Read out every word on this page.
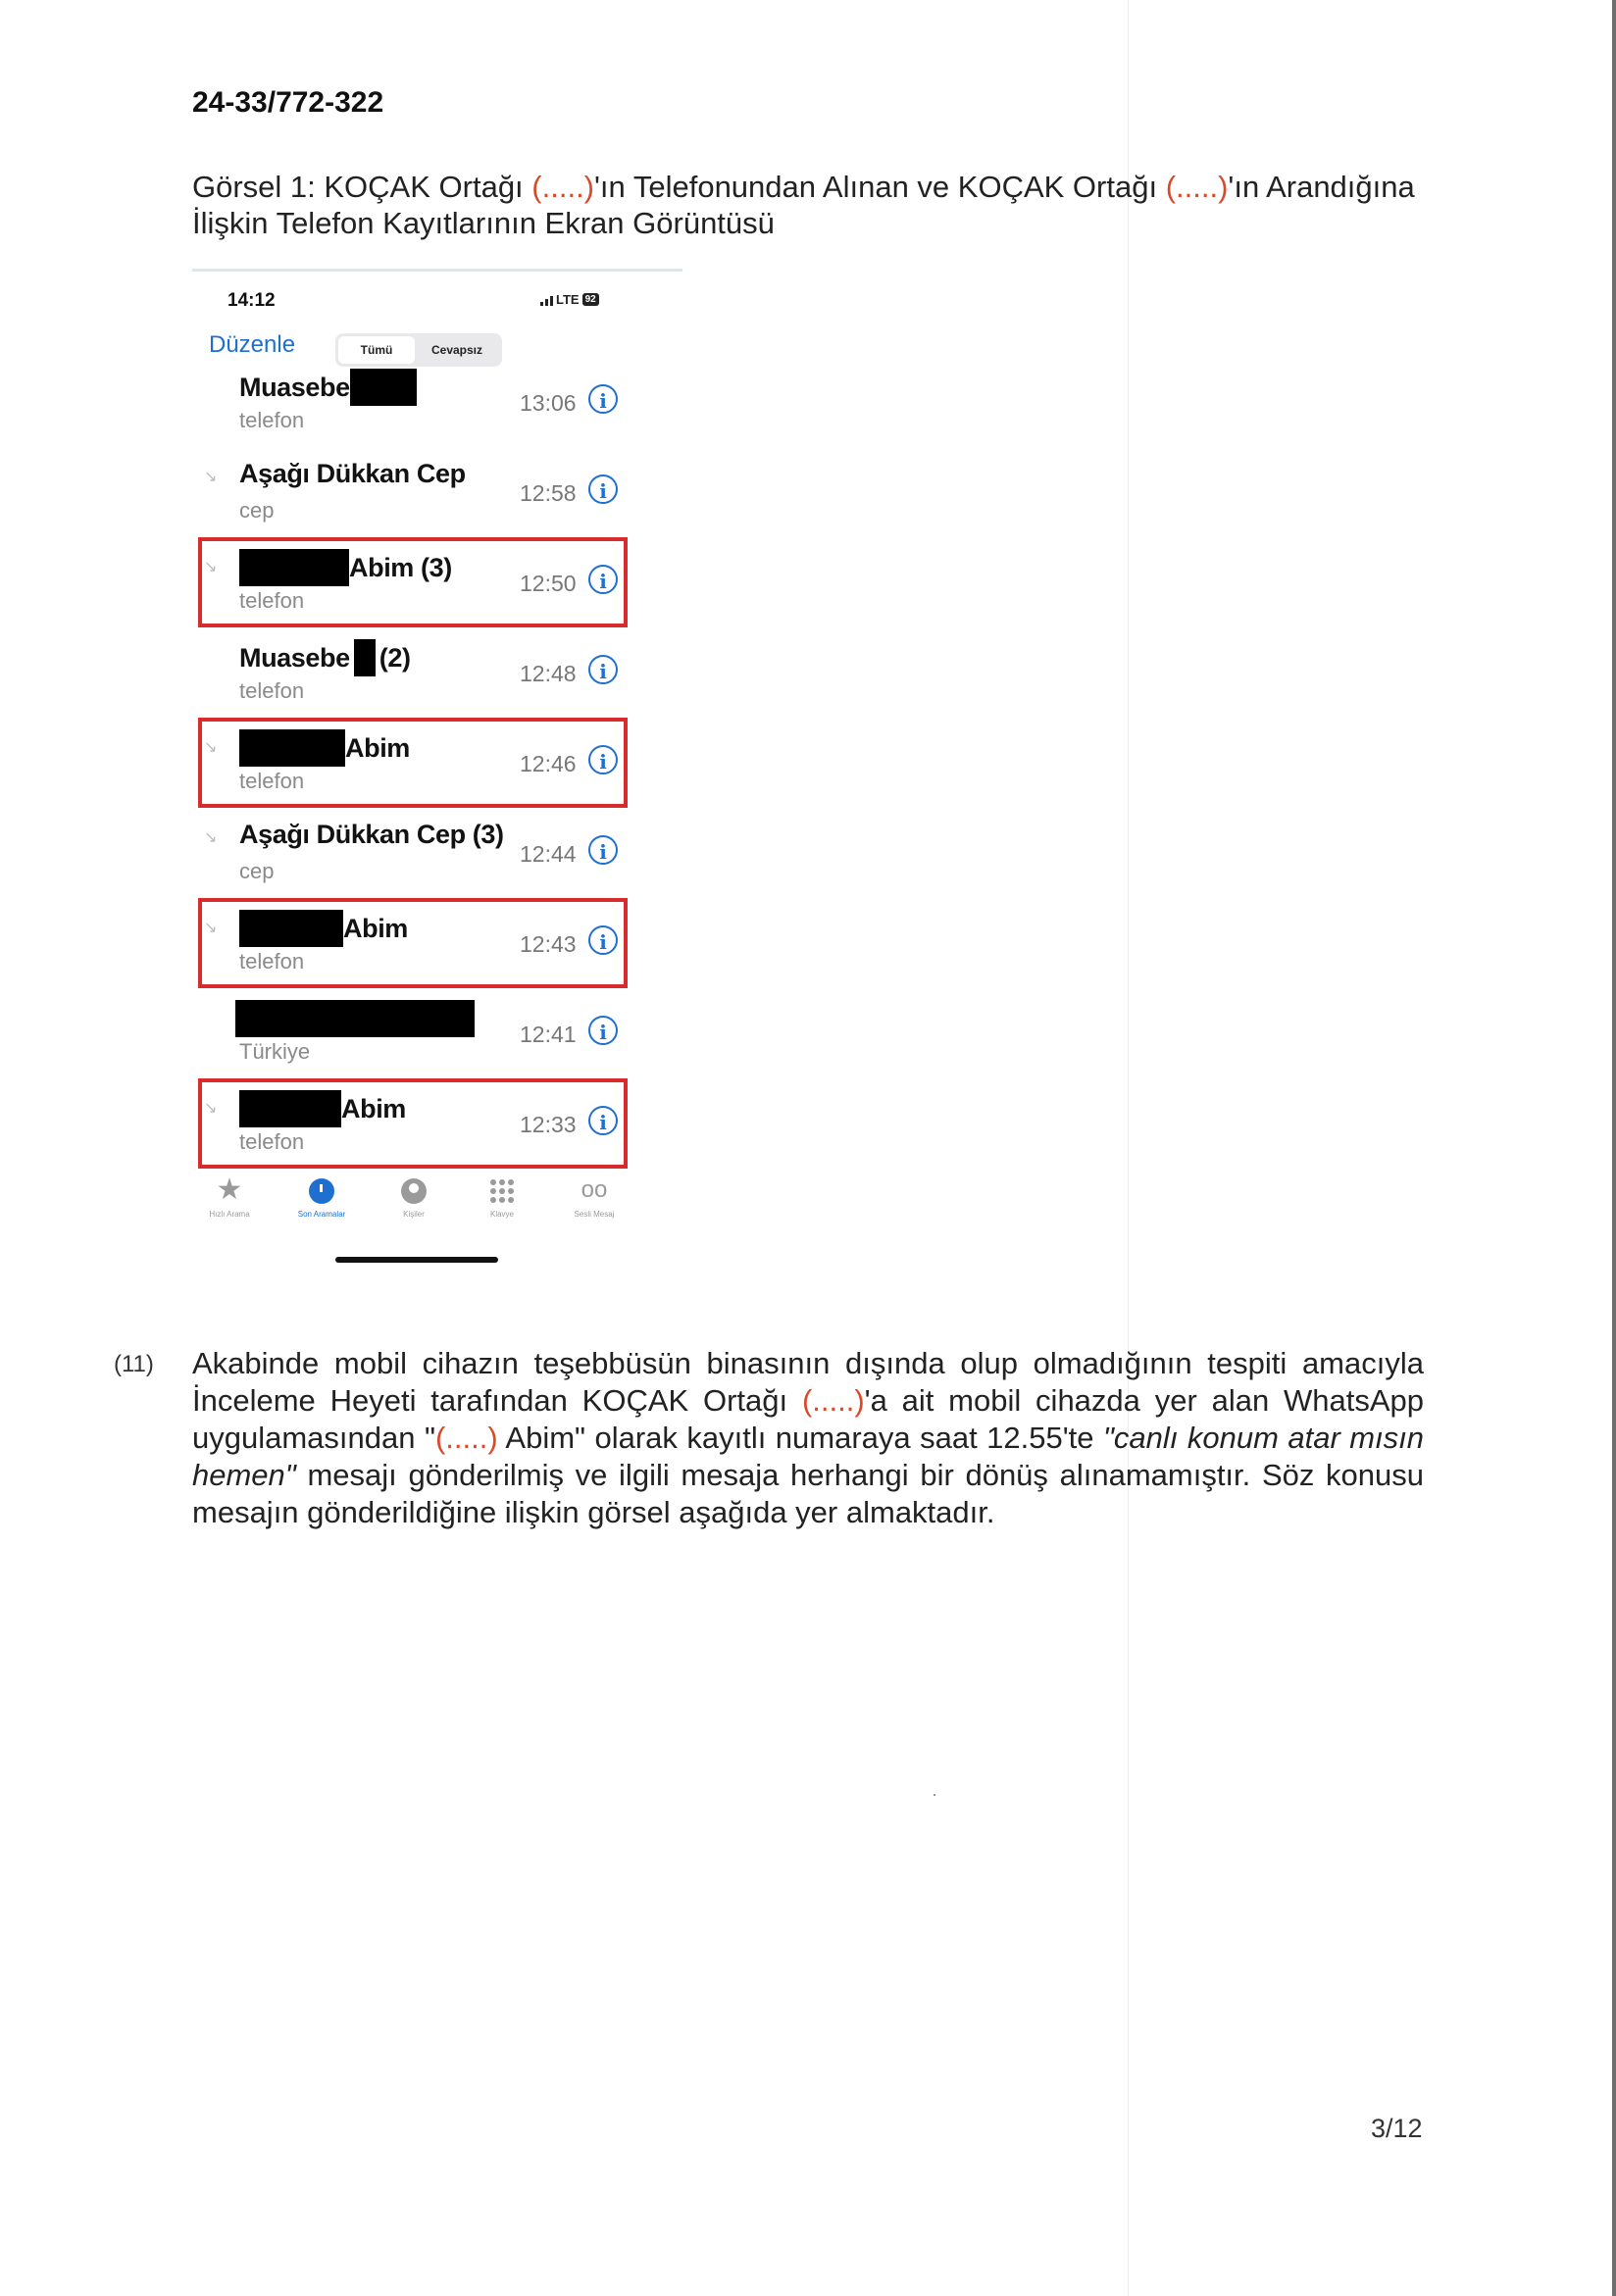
24-33/772-322
Görsel 1: KOÇAK Ortağı (.....)'ın Telefonundan Alınan ve KOÇAK Ortağı (.....)'ın Arandığına İlişkin Telefon Kayıtlarının Ekran Görüntüsü
14:12	LTE 92
Düzenle	Tümü	Cevapsız
Muasebe
telefon
13:06	i
↘ Aşağı Dükkan Cep
cep
12:58	i
↘	Abim (3)
telefon
12:50	i
Muasebe (2)
telefon
12:48	i
↘	Abim
telefon
12:46	i
↘ Aşağı Dükkan Cep (3)
cep
12:44	i
↘	Abim
telefon
12:43	i
Türkiye
12:41	i
↘	Abim
telefon
12:33	i
★
Hızlı Arama	Son Aramalar	Kişiler	Klavye
oo
Sesli Mesaj
(11) Akabinde mobil cihazın teşebbüsün binasının dışında olup olmadığının tespiti amacıyla İnceleme Heyeti tarafından KOÇAK Ortağı (.....)'a ait mobil cihazda yer alan WhatsApp uygulamasından "(.....) Abim" olarak kayıtlı numaraya saat 12.55'te "canlı konum atar mısın hemen" mesajı gönderilmiş ve ilgili mesaja herhangi bir dönüş alınamamıştır. Söz konusu mesajın gönderildiğine ilişkin görsel aşağıda yer almaktadır.
3/12
